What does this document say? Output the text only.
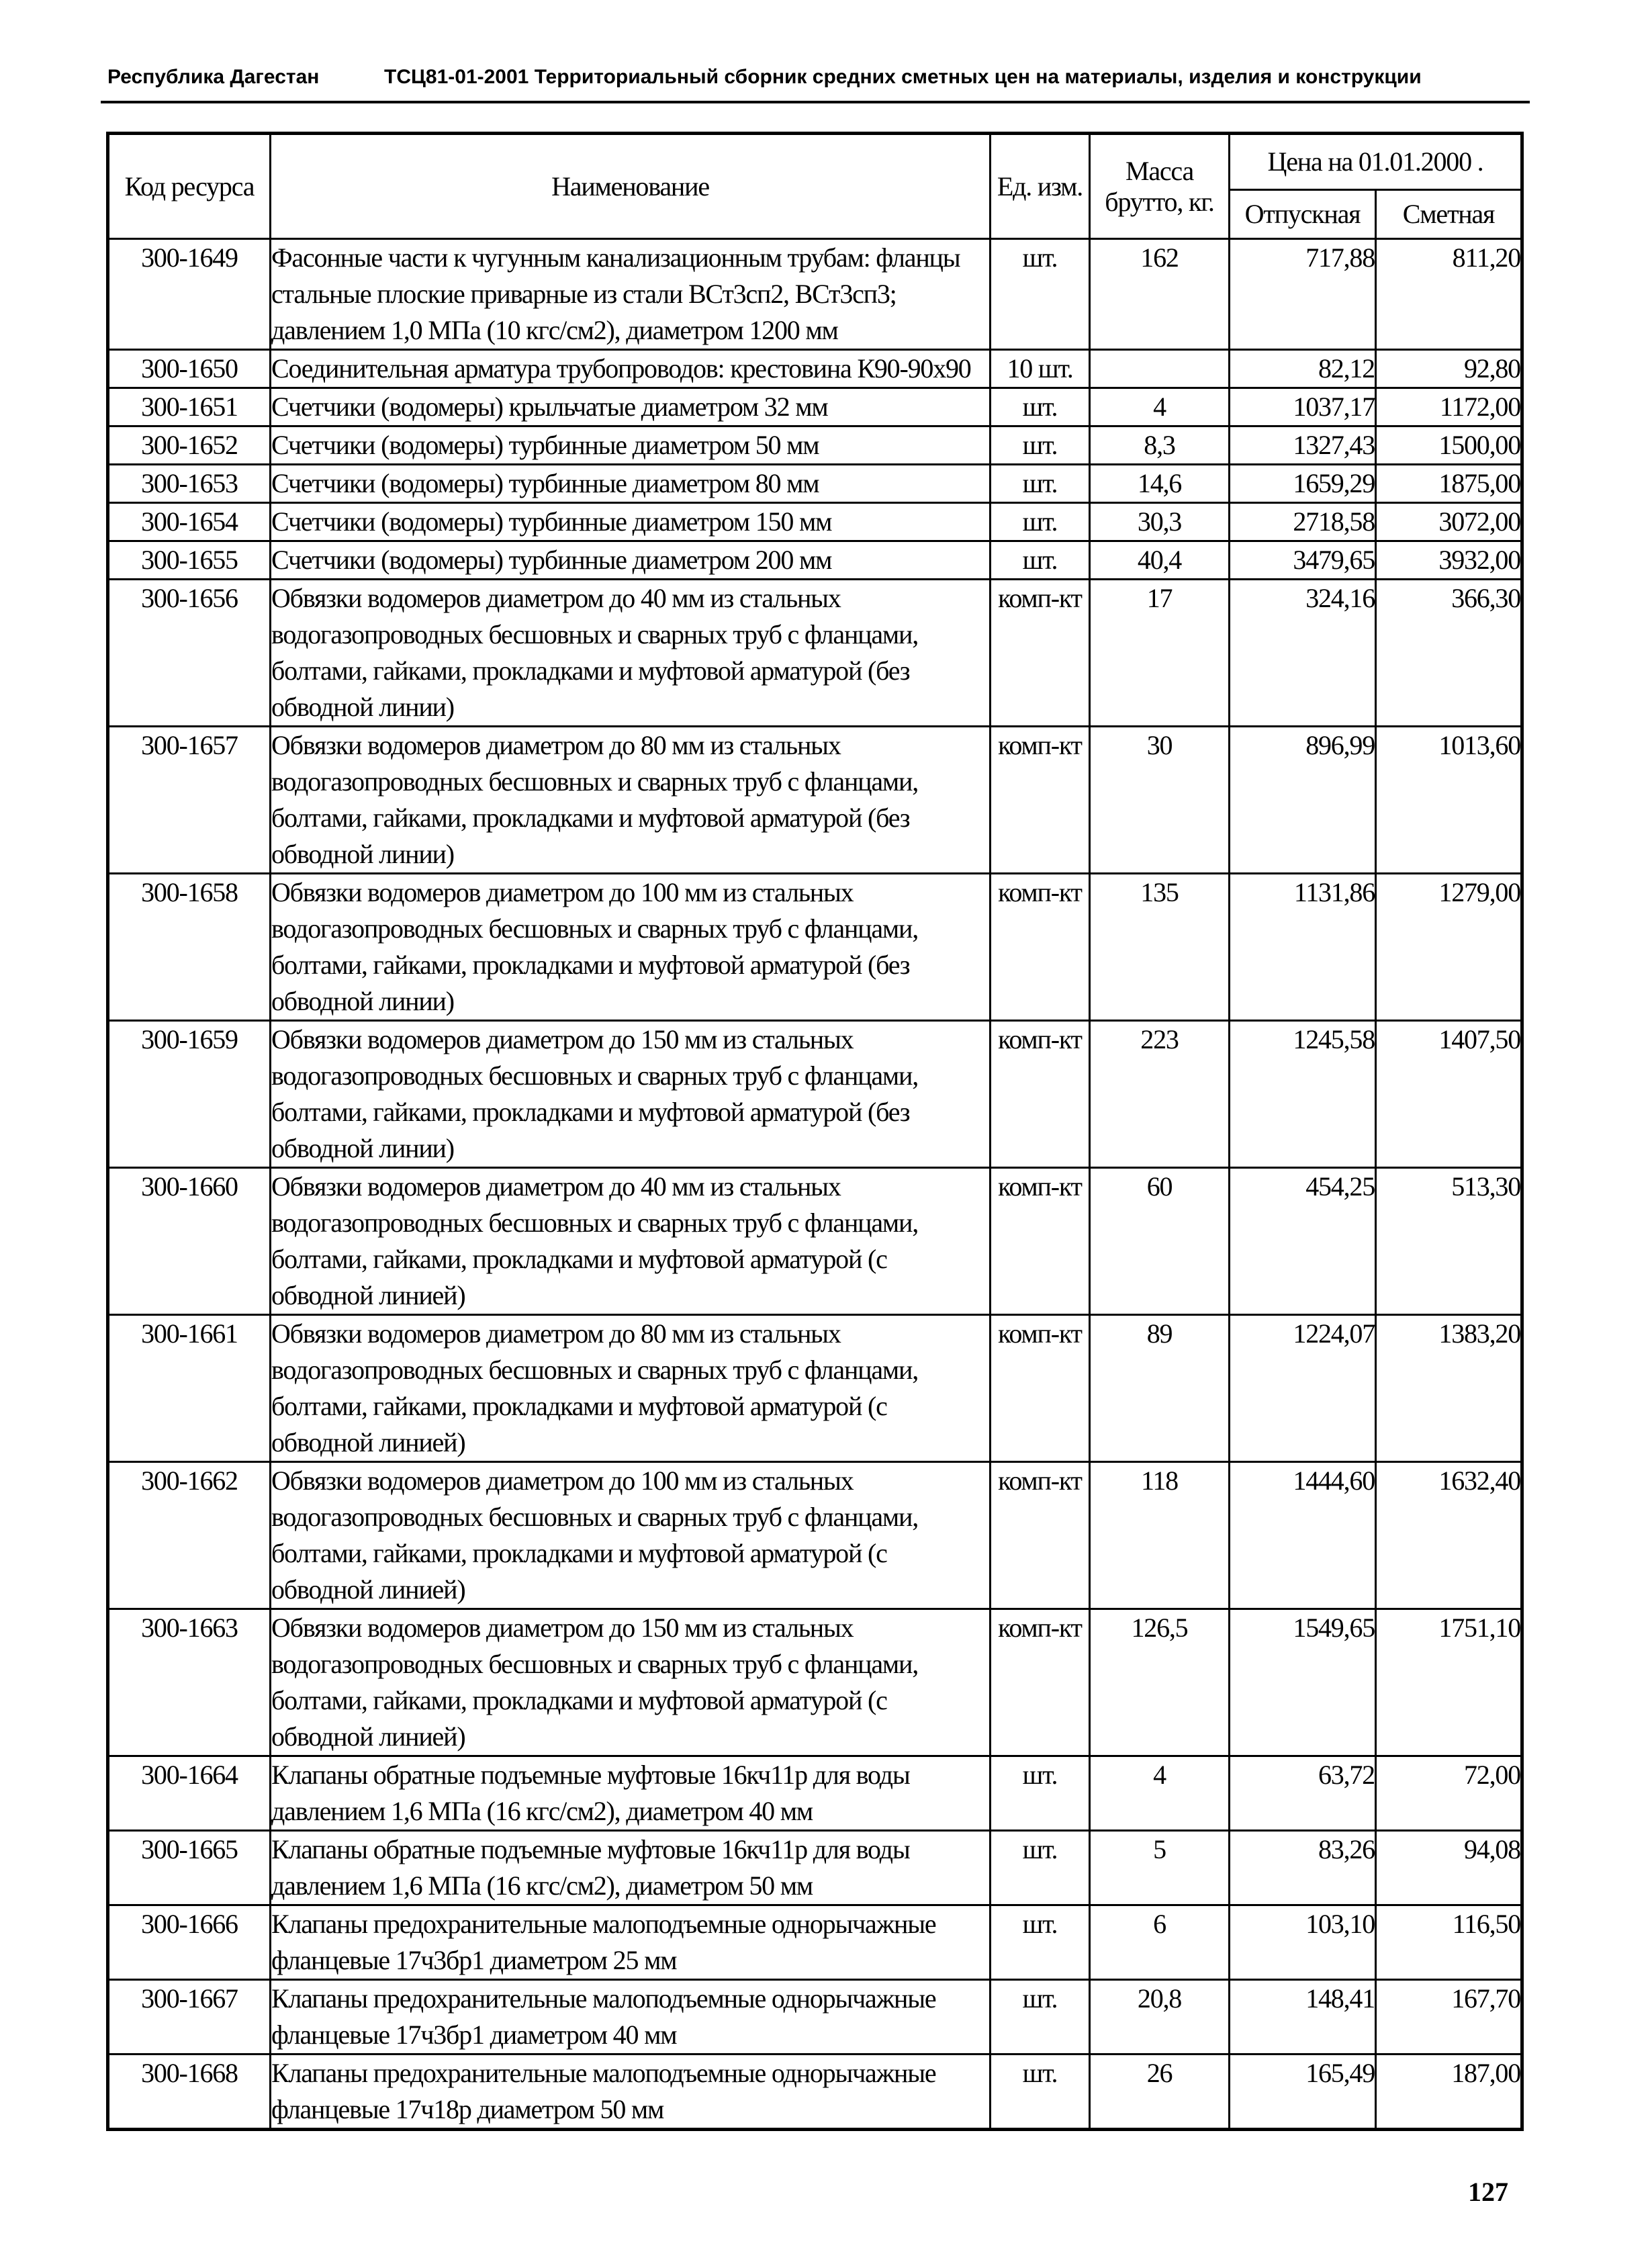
Республика Дагестан	ТСЦ81-01-2001 Территориальный сборник средних сметных цен на материалы, изделия и конструкции
Код ресурса	Наименование	Ед. изм.	Масса брутто, кг.	Цена на 01.01.2000 .	
				Отпускная	Сметная
300-1649	Фасонные части к чугунным канализационным трубам: фланцы стальные плоские приварные из стали ВСт3сп2, ВСт3сп3; давлением 1,0 МПа (10 кгс/см2), диаметром 1200 мм	шт.	162	717,88	811,20
300-1650	Соединительная арматура трубопроводов: крестовина К90-90х90	10 шт.		82,12	92,80
300-1651	Счетчики (водомеры) крыльчатые диаметром 32 мм	шт.	4	1037,17	1172,00
300-1652	Счетчики (водомеры) турбинные диаметром 50 мм	шт.	8,3	1327,43	1500,00
300-1653	Счетчики (водомеры) турбинные диаметром 80 мм	шт.	14,6	1659,29	1875,00
300-1654	Счетчики (водомеры) турбинные диаметром 150 мм	шт.	30,3	2718,58	3072,00
300-1655	Счетчики (водомеры) турбинные диаметром 200 мм	шт.	40,4	3479,65	3932,00
300-1656	Обвязки водомеров диаметром до 40 мм из стальных водогазопроводных бесшовных и сварных труб с фланцами, болтами, гайками, прокладками и муфтовой арматурой (без обводной линии)	комп-кт	17	324,16	366,30
300-1657	Обвязки водомеров диаметром до 80 мм из стальных водогазопроводных бесшовных и сварных труб с фланцами, болтами, гайками, прокладками и муфтовой арматурой (без обводной линии)	комп-кт	30	896,99	1013,60
300-1658	Обвязки водомеров диаметром до 100 мм из стальных водогазопроводных бесшовных и сварных труб с фланцами, болтами, гайками, прокладками и муфтовой арматурой (без обводной линии)	комп-кт	135	1131,86	1279,00
300-1659	Обвязки водомеров диаметром до 150 мм из стальных водогазопроводных бесшовных и сварных труб с фланцами, болтами, гайками, прокладками и муфтовой арматурой (без обводной линии)	комп-кт	223	1245,58	1407,50
300-1660	Обвязки водомеров диаметром до 40 мм из стальных водогазопроводных бесшовных и сварных труб с фланцами, болтами, гайками, прокладками и муфтовой арматурой (с обводной линией)	комп-кт	60	454,25	513,30
300-1661	Обвязки водомеров диаметром до 80 мм из стальных водогазопроводных бесшовных и сварных труб с фланцами, болтами, гайками, прокладками и муфтовой арматурой (с обводной линией)	комп-кт	89	1224,07	1383,20
300-1662	Обвязки водомеров диаметром до 100 мм из стальных водогазопроводных бесшовных и сварных труб с фланцами, болтами, гайками, прокладками и муфтовой арматурой (с обводной линией)	комп-кт	118	1444,60	1632,40
300-1663	Обвязки водомеров диаметром до 150 мм из стальных водогазопроводных бесшовных и сварных труб с фланцами, болтами, гайками, прокладками и муфтовой арматурой (с обводной линией)	комп-кт	126,5	1549,65	1751,10
300-1664	Клапаны обратные подъемные муфтовые 16кч11р для воды давлением 1,6 МПа (16 кгс/см2), диаметром 40 мм	шт.	4	63,72	72,00
300-1665	Клапаны обратные подъемные муфтовые 16кч11р для воды давлением 1,6 МПа (16 кгс/см2), диаметром 50 мм	шт.	5	83,26	94,08
300-1666	Клапаны предохранительные малоподъемные однорычажные фланцевые 17ч3бр1 диаметром 25 мм	шт.	6	103,10	116,50
300-1667	Клапаны предохранительные малоподъемные однорычажные фланцевые 17ч3бр1 диаметром 40 мм	шт.	20,8	148,41	167,70
300-1668	Клапаны предохранительные малоподъемные однорычажные фланцевые 17ч18р диаметром 50 мм	шт.	26	165,49	187,00
127
